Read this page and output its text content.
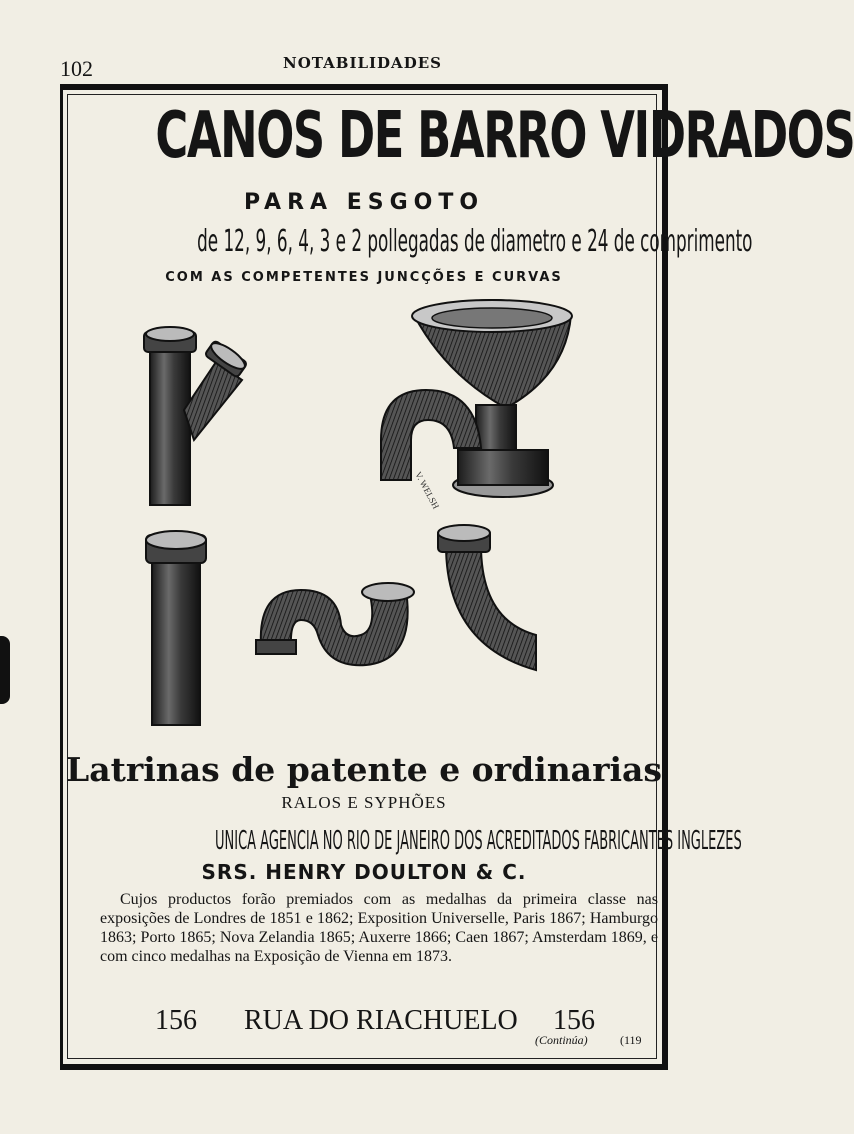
102	NOTABILIDADES
CANOS DE BARRO VIDRADOS
PARA ESGOTO
de 12, 9, 6, 4, 3 e 2 pollegadas de diametro e 24 de comprimento
COM AS COMPETENTES JUNCÇÕES E CURVAS
V. WELSH
Latrinas de patente e ordinarias
RALOS E SYPHÕES
UNICA AGENCIA NO RIO DE JANEIRO DOS ACREDITADOS FABRICANTES INGLEZES
SRS. HENRY DOULTON & C.
Cujos productos forão premiados com as medalhas da primeira classe nas exposições de Londres de 1851 e 1862; Exposition Universelle, Paris 1867; Hamburgo 1863; Porto 1865; Nova Zelandia 1865; Auxerre 1866; Caen 1867; Amsterdam 1869, e com cinco medalhas na Exposição de Vienna em 1873.
156 RUA DO RIACHUELO 156
(Continúa)	(119
